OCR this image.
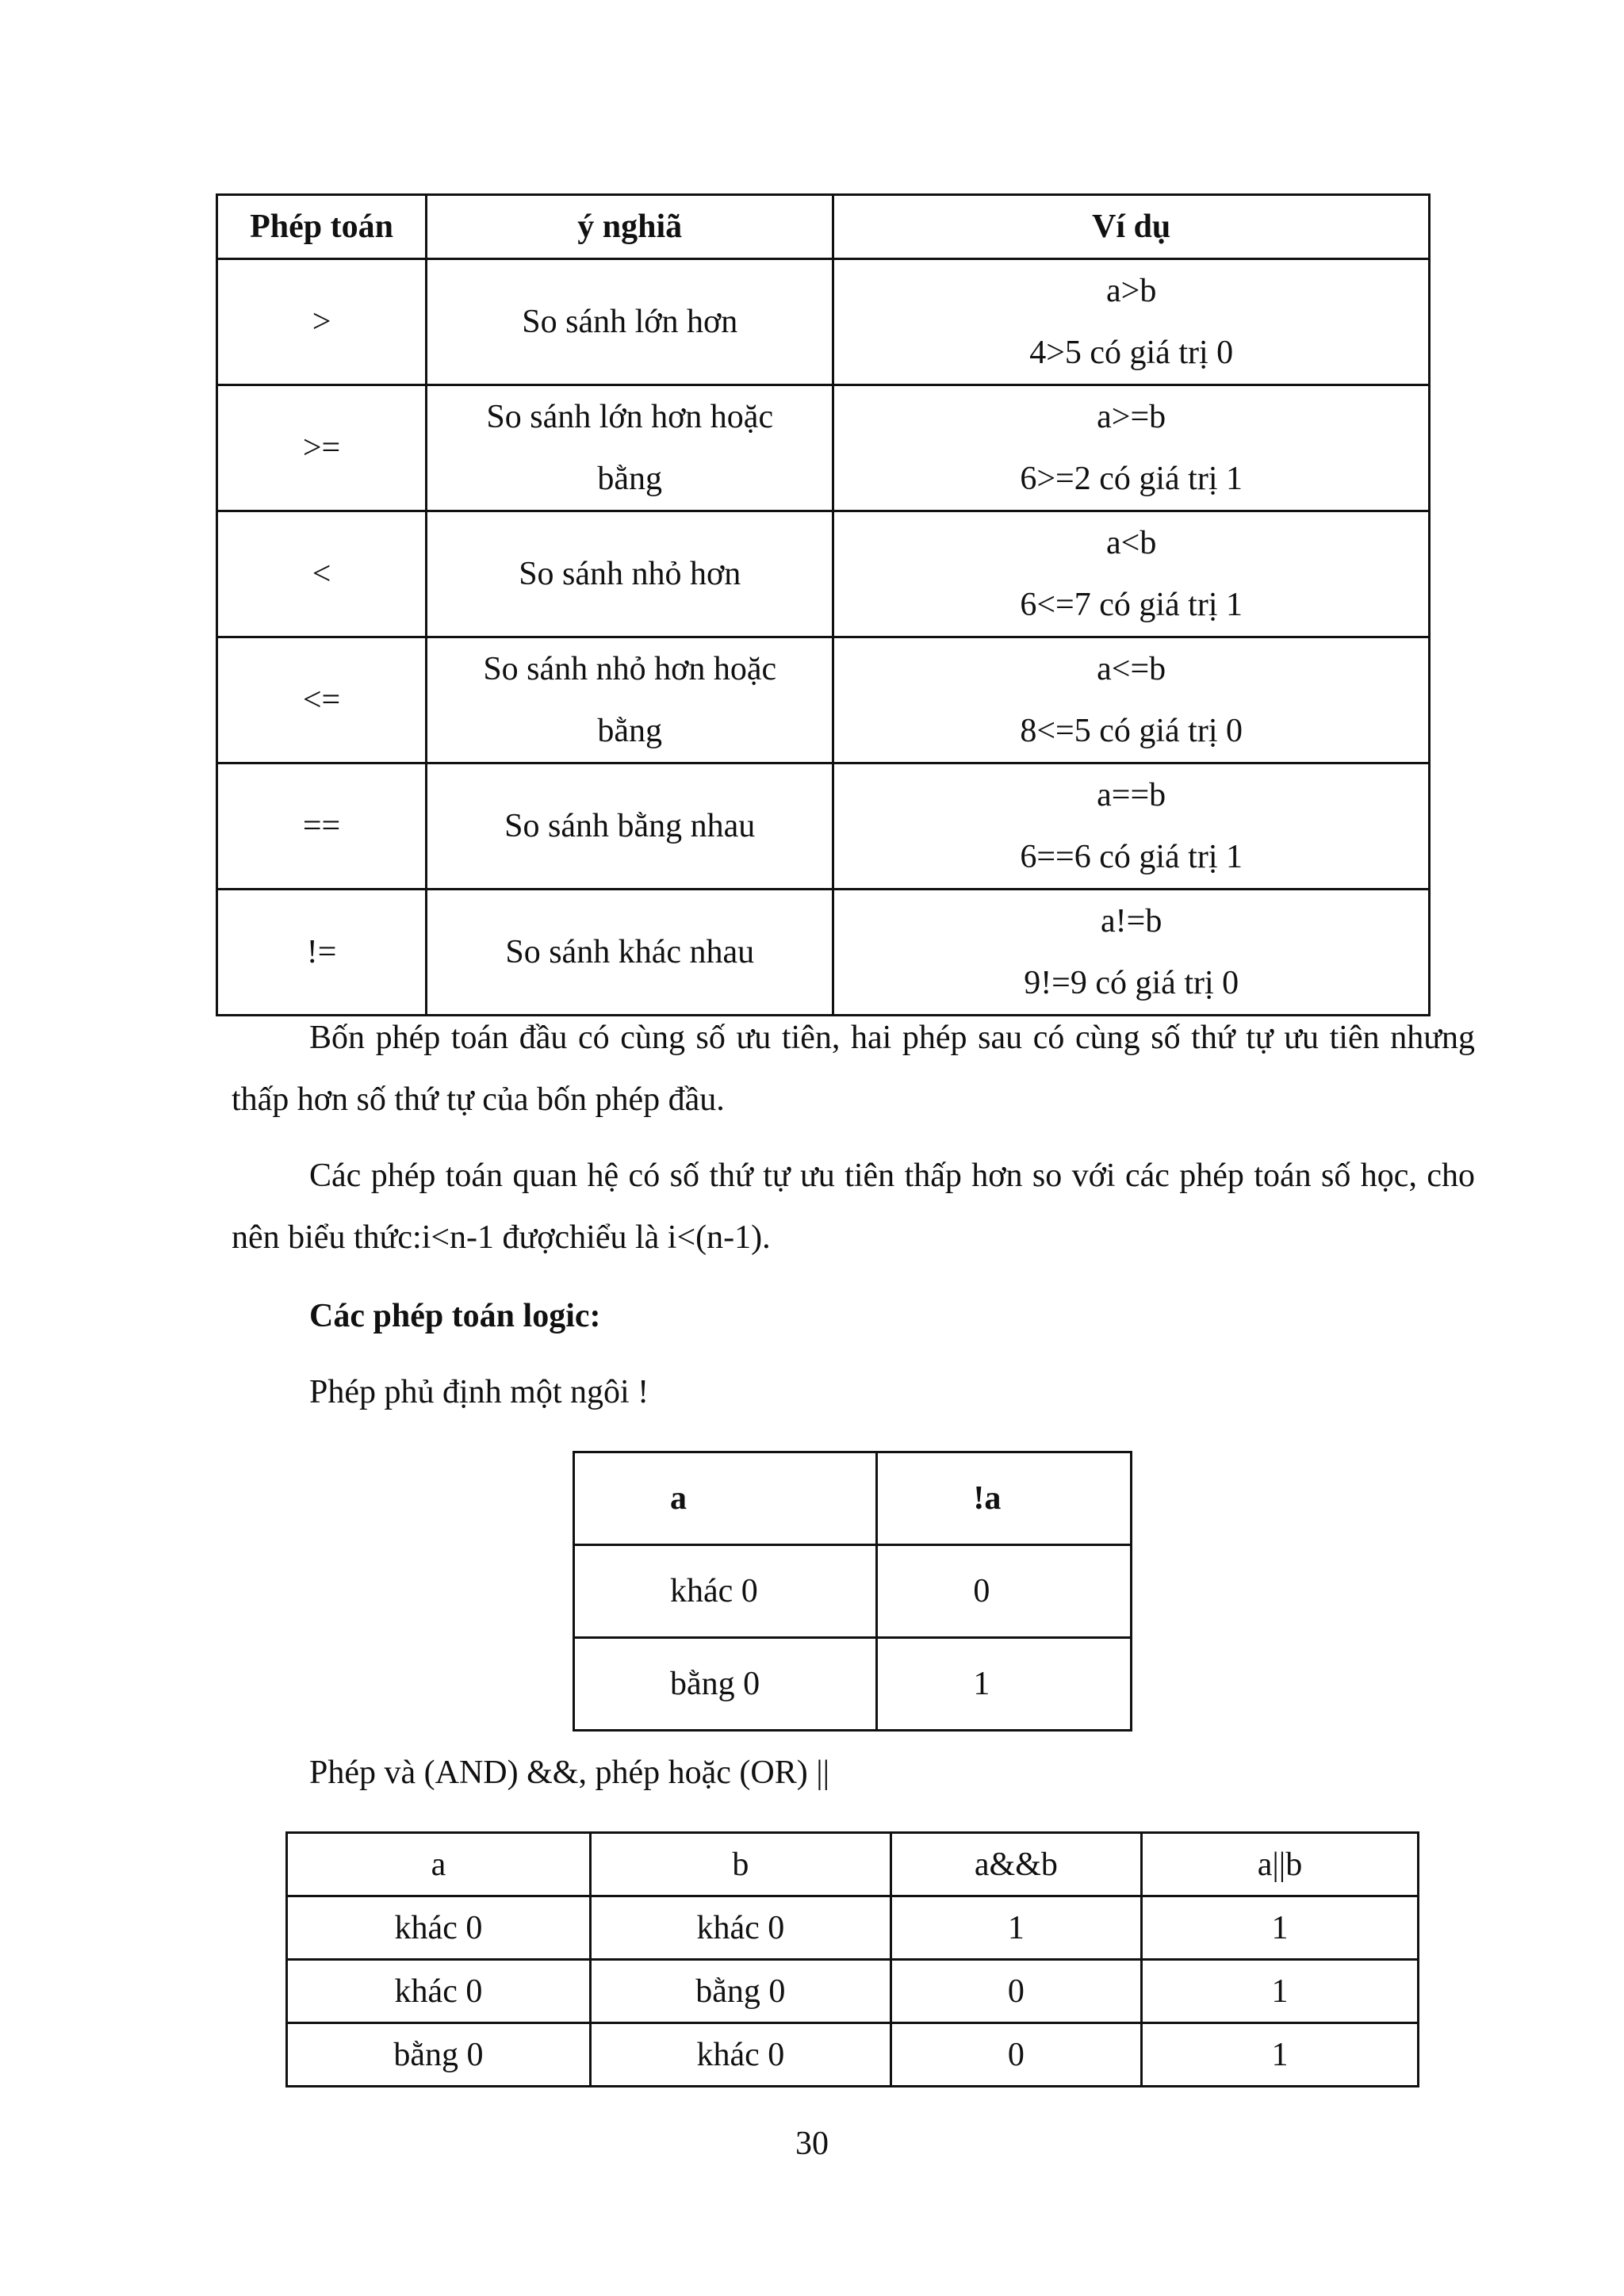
Phép toán	ý nghiã	Ví dụ
>	So sánh lớn hơn	a>b
4>5 có giá trị 0

>=	So sánh lớn hơn hoặc bằng	a>=b
6>=2 có giá trị 1

<	So sánh nhỏ hơn	a<b
6<=7 có giá trị 1

<=	So sánh nhỏ hơn hoặc bằng	a<=b
8<=5 có giá trị 0

==	So sánh bằng nhau	a==b
6==6 có giá trị 1

!=	So sánh khác nhau	a!=b
9!=9 có giá trị 0

Bốn phép toán đầu có cùng số ưu tiên, hai phép sau có cùng số thứ tự ưu tiên nhưng thấp hơn số thứ tự của bốn phép đầu.

Các phép toán quan hệ có số thứ tự ưu tiên thấp hơn so với các phép toán số học, cho nên biểu thức:i<n-1 đượchiểu là i<(n-1).

Các phép toán logic:

Phép phủ định một ngôi !

a	!a
khác 0	0
bằng 0	1

Phép và (AND) &&, phép hoặc (OR) ||

a	b	a&&b	a||b
khác 0	khác 0	1	1
khác 0	bằng 0	0	1
bằng 0	khác 0	0	1
30
